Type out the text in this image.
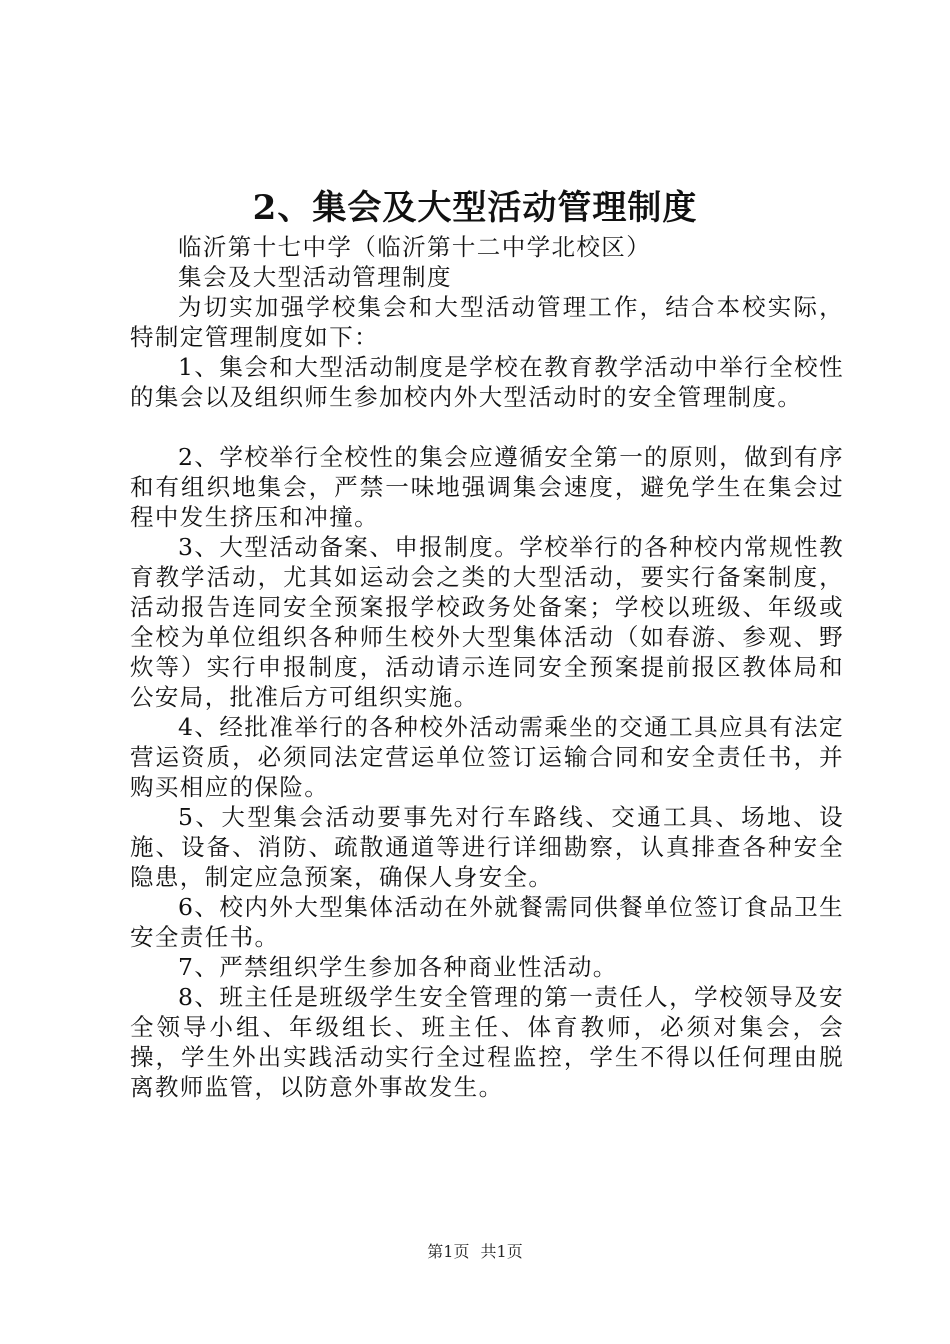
2、集会及大型活动管理制度

临沂第十七中学（临沂第十二中学北校区）

集会及大型活动管理制度

为切实加强学校集会和大型活动管理工作，结合本校实际，特制定管理制度如下：

1、集会和大型活动制度是学校在教育教学活动中举行全校性的集会以及组织师生参加校内外大型活动时的安全管理制度。

2、学校举行全校性的集会应遵循安全第一的原则，做到有序和有组织地集会，严禁一味地强调集会速度，避免学生在集会过程中发生挤压和冲撞。

3、大型活动备案、申报制度。学校举行的各种校内常规性教育教学活动，尤其如运动会之类的大型活动，要实行备案制度，活动报告连同安全预案报学校政务处备案；学校以班级、年级或全校为单位组织各种师生校外大型集体活动（如春游、参观、野炊等）实行申报制度，活动请示连同安全预案提前报区教体局和公安局，批准后方可组织实施。

4、经批准举行的各种校外活动需乘坐的交通工具应具有法定营运资质，必须同法定营运单位签订运输合同和安全责任书，并购买相应的保险。

5、大型集会活动要事先对行车路线、交通工具、场地、设施、设备、消防、疏散通道等进行详细勘察，认真排查各种安全隐患，制定应急预案，确保人身安全。

6、校内外大型集体活动在外就餐需同供餐单位签订食品卫生安全责任书。

7、严禁组织学生参加各种商业性活动。

8、班主任是班级学生安全管理的第一责任人，学校领导及安全领导小组、年级组长、班主任、体育教师，必须对集会，会操，学生外出实践活动实行全过程监控，学生不得以任何理由脱离教师监管，以防意外事故发生。

第1页 共1页
